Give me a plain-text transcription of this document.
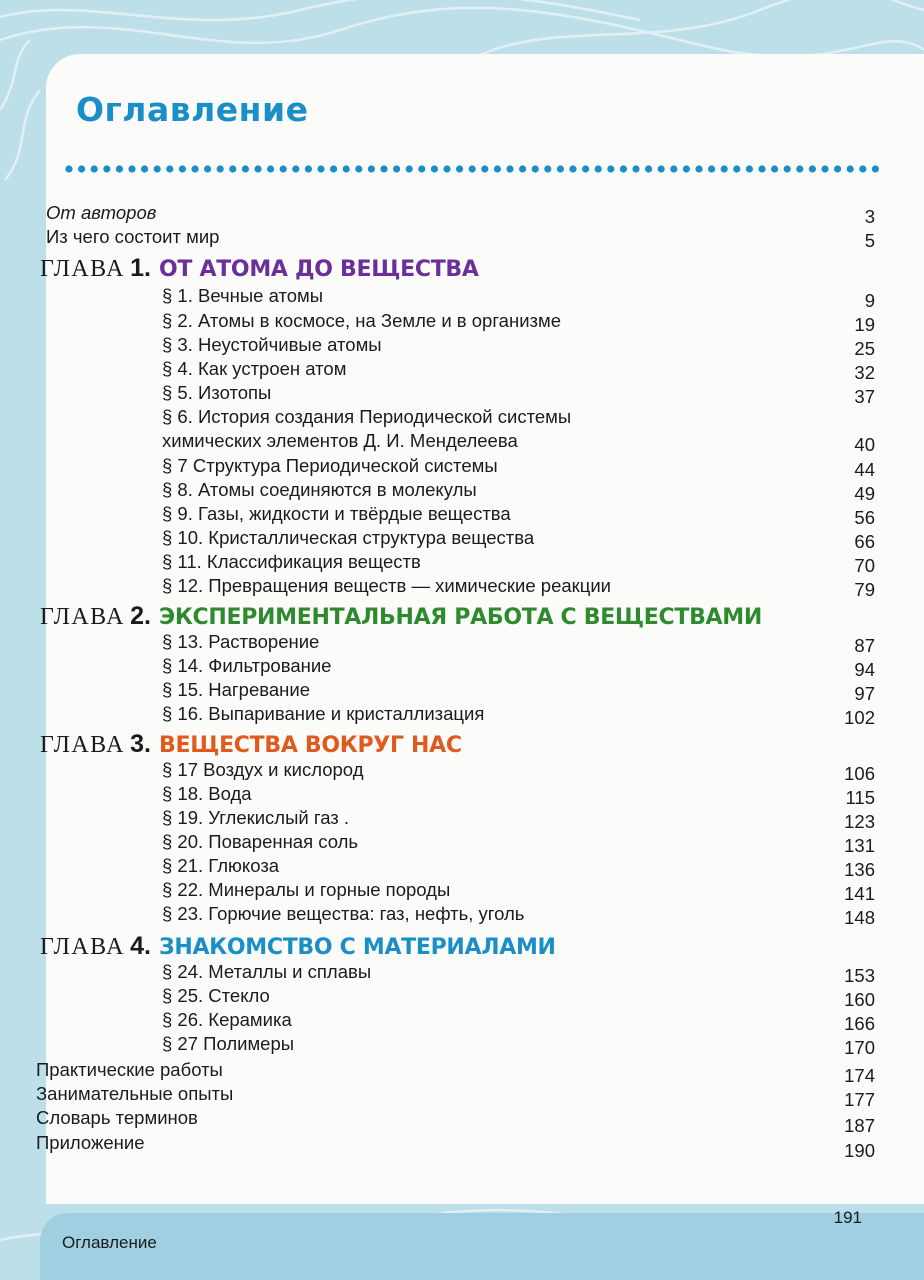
Оглавление
От авторов	3
Из чего состоит мир	5
ГЛАВА 1. ОТ АТОМА ДО ВЕЩЕСТВА
§ 1. Вечные атомы	9
§ 2. Атомы в космосе, на Земле и в организме	19
§ 3. Неустойчивые атомы	25
§ 4. Как устроен атом	32
§ 5. Изотопы	37
§ 6. История создания Периодической системы
химических элементов Д. И. Менделеева	40
§ 7 Структура Периодической системы	44
§ 8. Атомы соединяются в молекулы	49
§ 9. Газы, жидкости и твёрдые вещества	56
§ 10. Кристаллическая структура вещества	66
§ 11. Классификация веществ	70
§ 12. Превращения веществ — химические реакции	79
ГЛАВА 2. ЭКСПЕРИМЕНТАЛЬНАЯ РАБОТА С ВЕЩЕСТВАМИ
§ 13. Растворение	87
§ 14. Фильтрование	94
§ 15. Нагревание	97
§ 16. Выпаривание и кристаллизация	102
ГЛАВА 3. ВЕЩЕСТВА ВОКРУГ НАС
§ 17 Воздух и кислород	106
§ 18. Вода	115
§ 19. Углекислый газ .	123
§ 20. Поваренная соль	131
§ 21. Глюкоза	136
§ 22. Минералы и горные породы	141
§ 23. Горючие вещества: газ, нефть, уголь	148
ГЛАВА 4. ЗНАКОМСТВО С МАТЕРИАЛАМИ
§ 24. Металлы и сплавы	153
§ 25. Стекло	160
§ 26. Керамика	166
§ 27 Полимеры	170
Практические работы	174
Занимательные опыты	177
Словарь терминов	187
Приложение	190
191
Оглавление
